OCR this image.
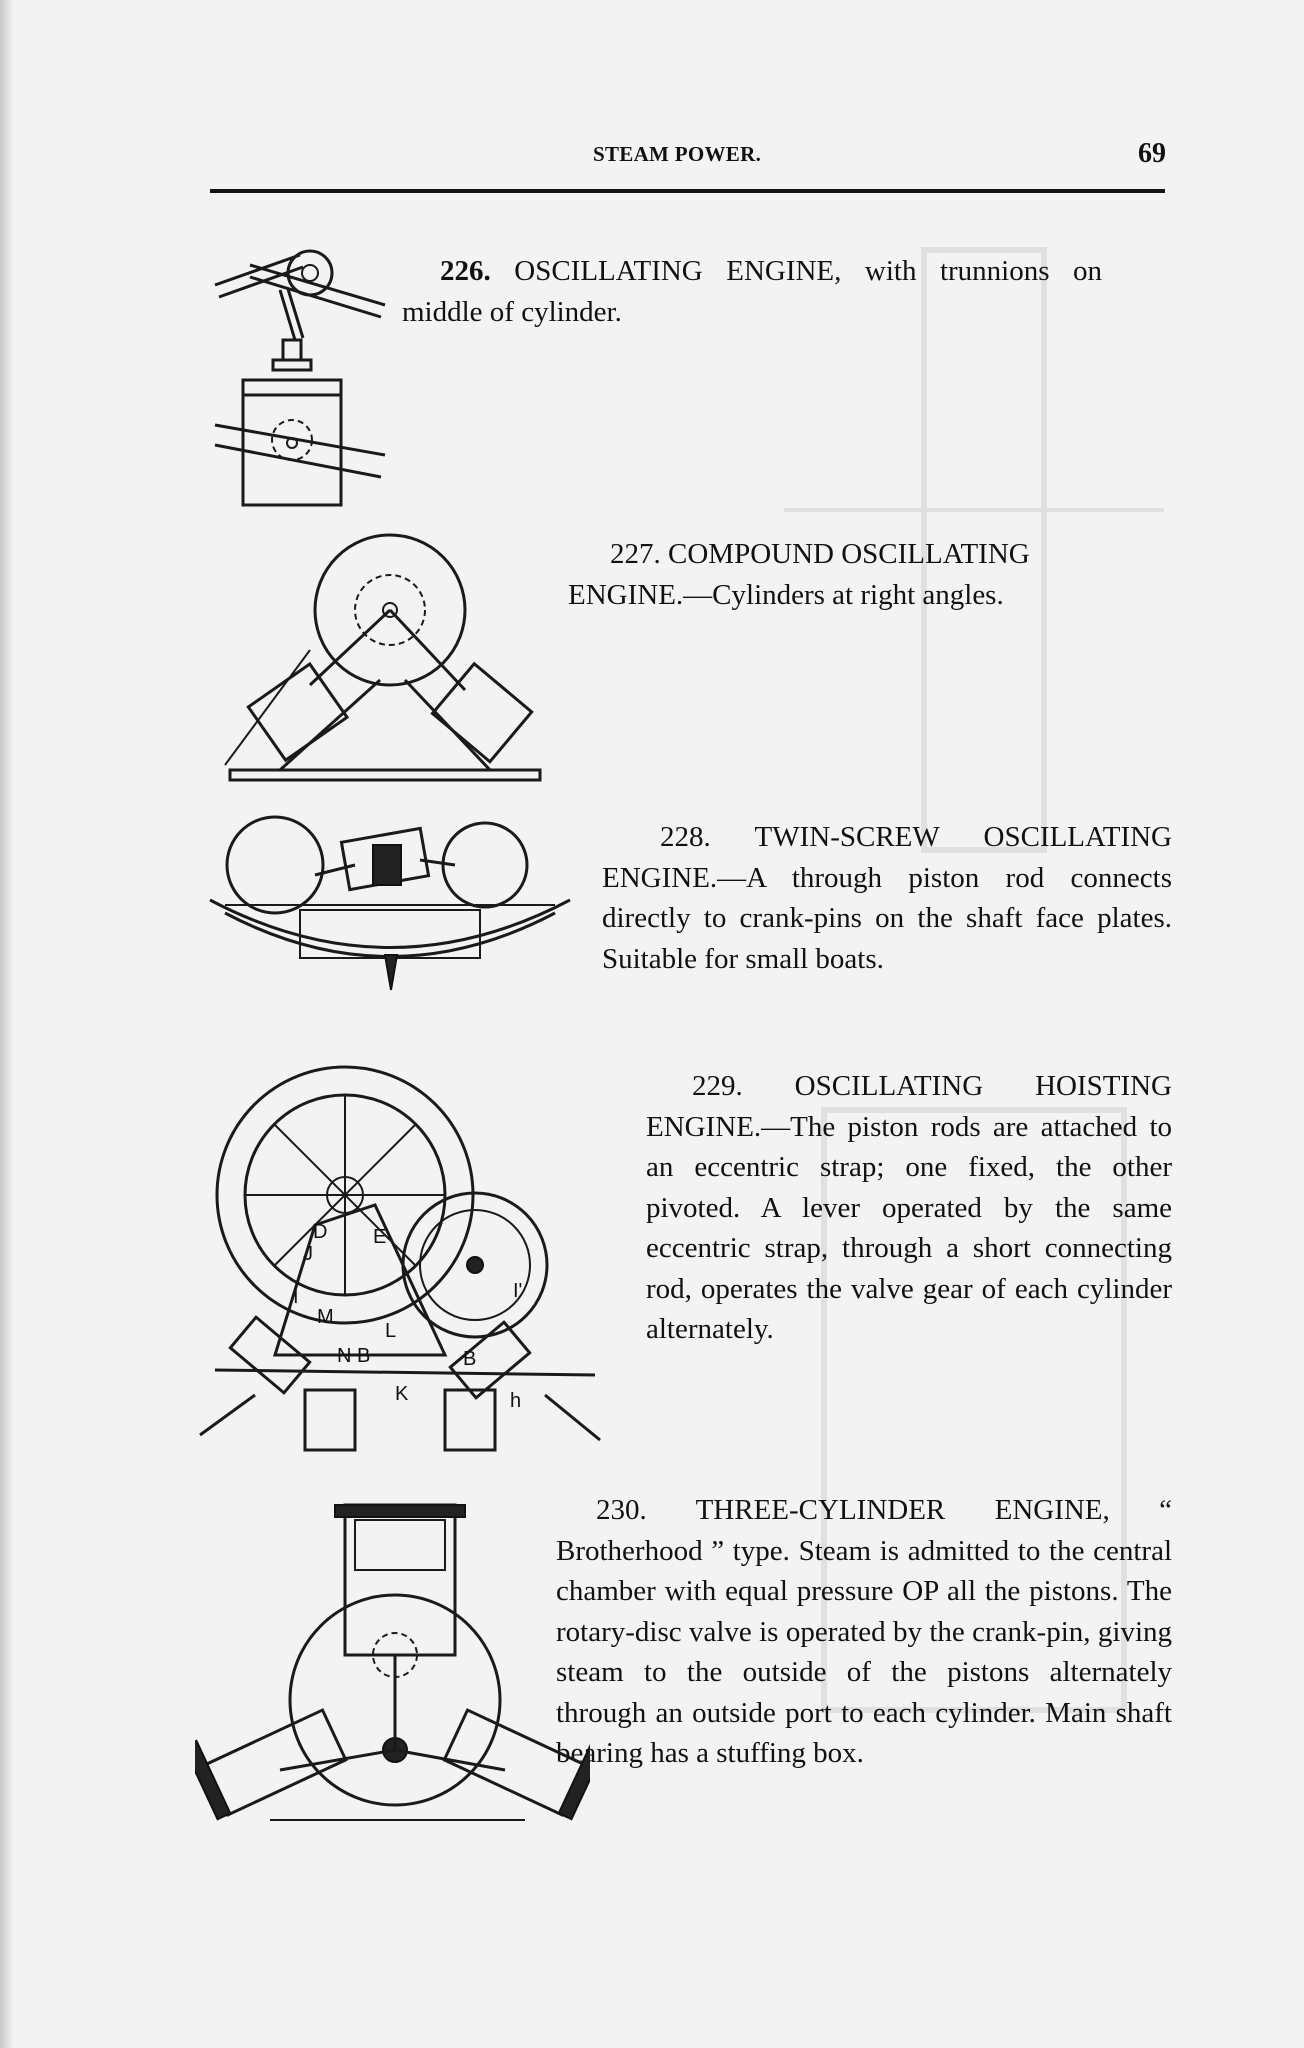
STEAM POWER.	69

226. OSCILLATING ENGINE, with trunnions on middle of cylinder.

227. COMPOUND OSCILLATING ENGINE.—Cylinders at right angles.

228. TWIN-SCREW OSCILLATING ENGINE.—A through piston rod connects directly to crank-pins on the shaft face plates. Suitable for small boats.

229. OSCILLATING HOISTING ENGINE.—The piston rods are attached to an eccentric strap; one fixed, the other pivoted. A lever operated by the same eccentric strap, through a short connecting rod, operates the valve gear of each cylinder alternately.

D
J
E
I
M
L
N B	B
K	h
I'

230. THREE-CYLINDER ENGINE, “ Brotherhood ” type. Steam is admitted to the central chamber with equal pressure OP all the pistons. The rotary-disc valve is operated by the crank-pin, giving steam to the outside of the pistons alternately through an outside port to each cylinder. Main shaft bearing has a stuffing box.
